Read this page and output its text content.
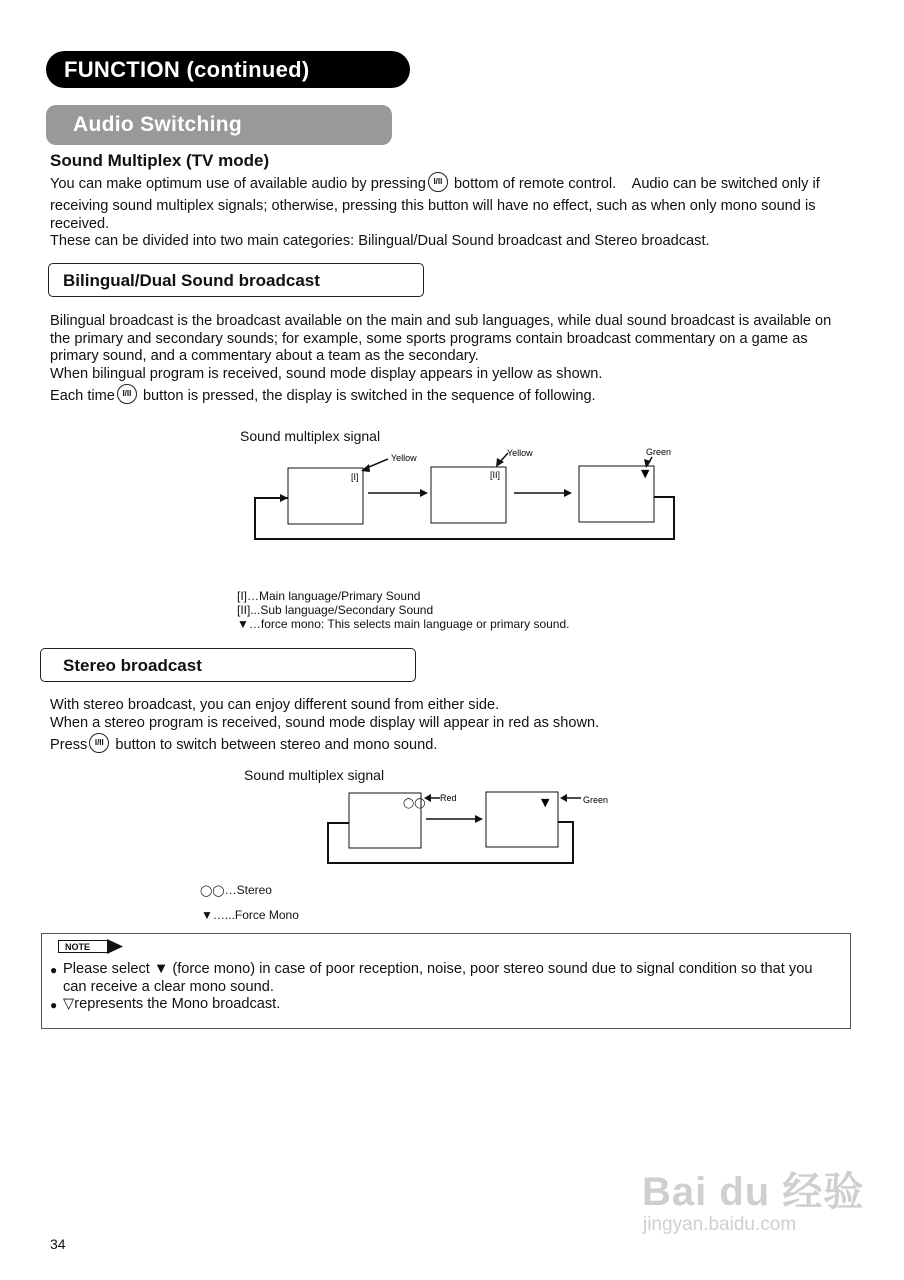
FUNCTION (continued)
Audio Switching
Sound Multiplex (TV mode)
You can make optimum use of available audio by pressing I/II bottom of remote control.    Audio can be switched only if
receiving sound multiplex signals; otherwise, pressing this button will have no effect, such as when only mono sound is
received.
These can be divided into two main categories: Bilingual/Dual Sound broadcast and Stereo broadcast.
Bilingual/Dual Sound broadcast
Bilingual broadcast is the broadcast available on the main and sub languages, while dual sound broadcast is available on
the primary and secondary sounds; for example, some sports programs contain broadcast commentary on a game as
primary sound, and a commentary about a team as the secondary.
When bilingual program is received, sound mode display appears in yellow as shown.
Each time I/II button is pressed, the display is switched in the sequence of following.
Sound multiplex signal
[I]	[II]	▼
Yellow	Yellow	Green
[I]…Main language/Primary Sound
[II]...Sub language/Secondary Sound
▼…force mono: This selects main language or primary sound.
Stereo broadcast
With stereo broadcast, you can enjoy different sound from either side.
When a stereo program is received, sound mode display will appear in red as shown.
Press I/II button to switch between stereo and mono sound.
Sound multiplex signal
◯◯	▼
Red	Green
◯◯…Stereo
▼…...Force Mono
NOTE
● Please select ▼ (force mono) in case of poor reception, noise, poor stereo sound due to signal condition so that you
can receive a clear mono sound.
● ▽represents the Mono broadcast.
34
Bai du 经验
jingyan.baidu.com
